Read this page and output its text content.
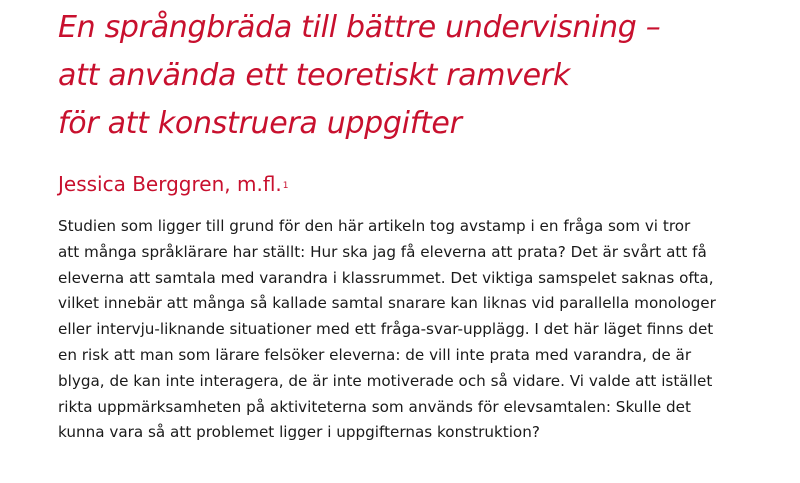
En språngbräda till bättre undervisning –
att använda ett teoretiskt ramverk
för att konstruera uppgifter

Jessica Berggren, m.fl.$^1$

Studien som ligger till grund för den här artikeln tog avstamp i en fråga som vi tror
att många språklärare har ställt: Hur ska jag få eleverna att prata? Det är svårt att få
eleverna att samtala med varandra i klassrummet. Det viktiga samspelet saknas ofta,
vilket innebär att många så kallade samtal snarare kan liknas vid parallella monologer
eller intervju-liknande situationer med ett fråga-svar-upplägg. I det här läget finns det
en risk att man som lärare felsöker eleverna: de vill inte prata med varandra, de är
blyga, de kan inte interagera, de är inte motiverade och så vidare. Vi valde att istället
rikta uppmärksamheten på aktiviteterna som används för elevsamtalen: Skulle det
kunna vara så att problemet ligger i uppgifternas konstruktion?
